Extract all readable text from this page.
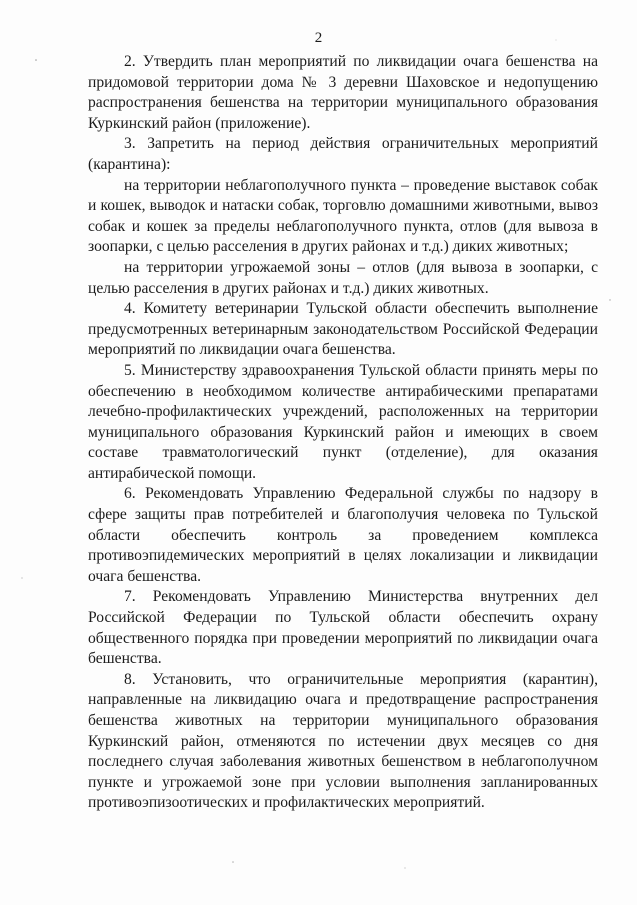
2

2. Утвердить план мероприятий по ликвидации очага бешенства на придомовой территории дома № 3 деревни Шаховское и недопущению распространения бешенства на территории муниципального образования Куркинский район (приложение).

3. Запретить на период действия ограничительных мероприятий (карантина):

на территории неблагополучного пункта – проведение выставок собак и кошек, выводок и натаски собак, торговлю домашними животными, вывоз собак и кошек за пределы неблагополучного пункта, отлов (для вывоза в зоопарки, с целью расселения в других районах и т.д.) диких животных;

на территории угрожаемой зоны – отлов (для вывоза в зоопарки, с целью расселения в других районах и т.д.) диких животных.

4. Комитету ветеринарии Тульской области обеспечить выполнение предусмотренных ветеринарным законодательством Российской Федерации мероприятий по ликвидации очага бешенства.

5. Министерству здравоохранения Тульской области принять меры по обеспечению в необходимом количестве антирабическими препаратами лечебно-профилактических учреждений, расположенных на территории муниципального образования Куркинский район и имеющих в своем составе травматологический пункт (отделение), для оказания антирабической помощи.

6. Рекомендовать Управлению Федеральной службы по надзору в сфере защиты прав потребителей и благополучия человека по Тульской области обеспечить контроль за проведением комплекса противоэпидемических мероприятий в целях локализации и ликвидации очага бешенства.

7. Рекомендовать Управлению Министерства внутренних дел Российской Федерации по Тульской области обеспечить охрану общественного порядка при проведении мероприятий по ликвидации очага бешенства.

8. Установить, что ограничительные мероприятия (карантин), направленные на ликвидацию очага и предотвращение распространения бешенства животных на территории муниципального образования Куркинский район, отменяются по истечении двух месяцев со дня последнего случая заболевания животных бешенством в неблагополучном пункте и угрожаемой зоне при условии выполнения запланированных противоэпизоотических и профилактических мероприятий.
